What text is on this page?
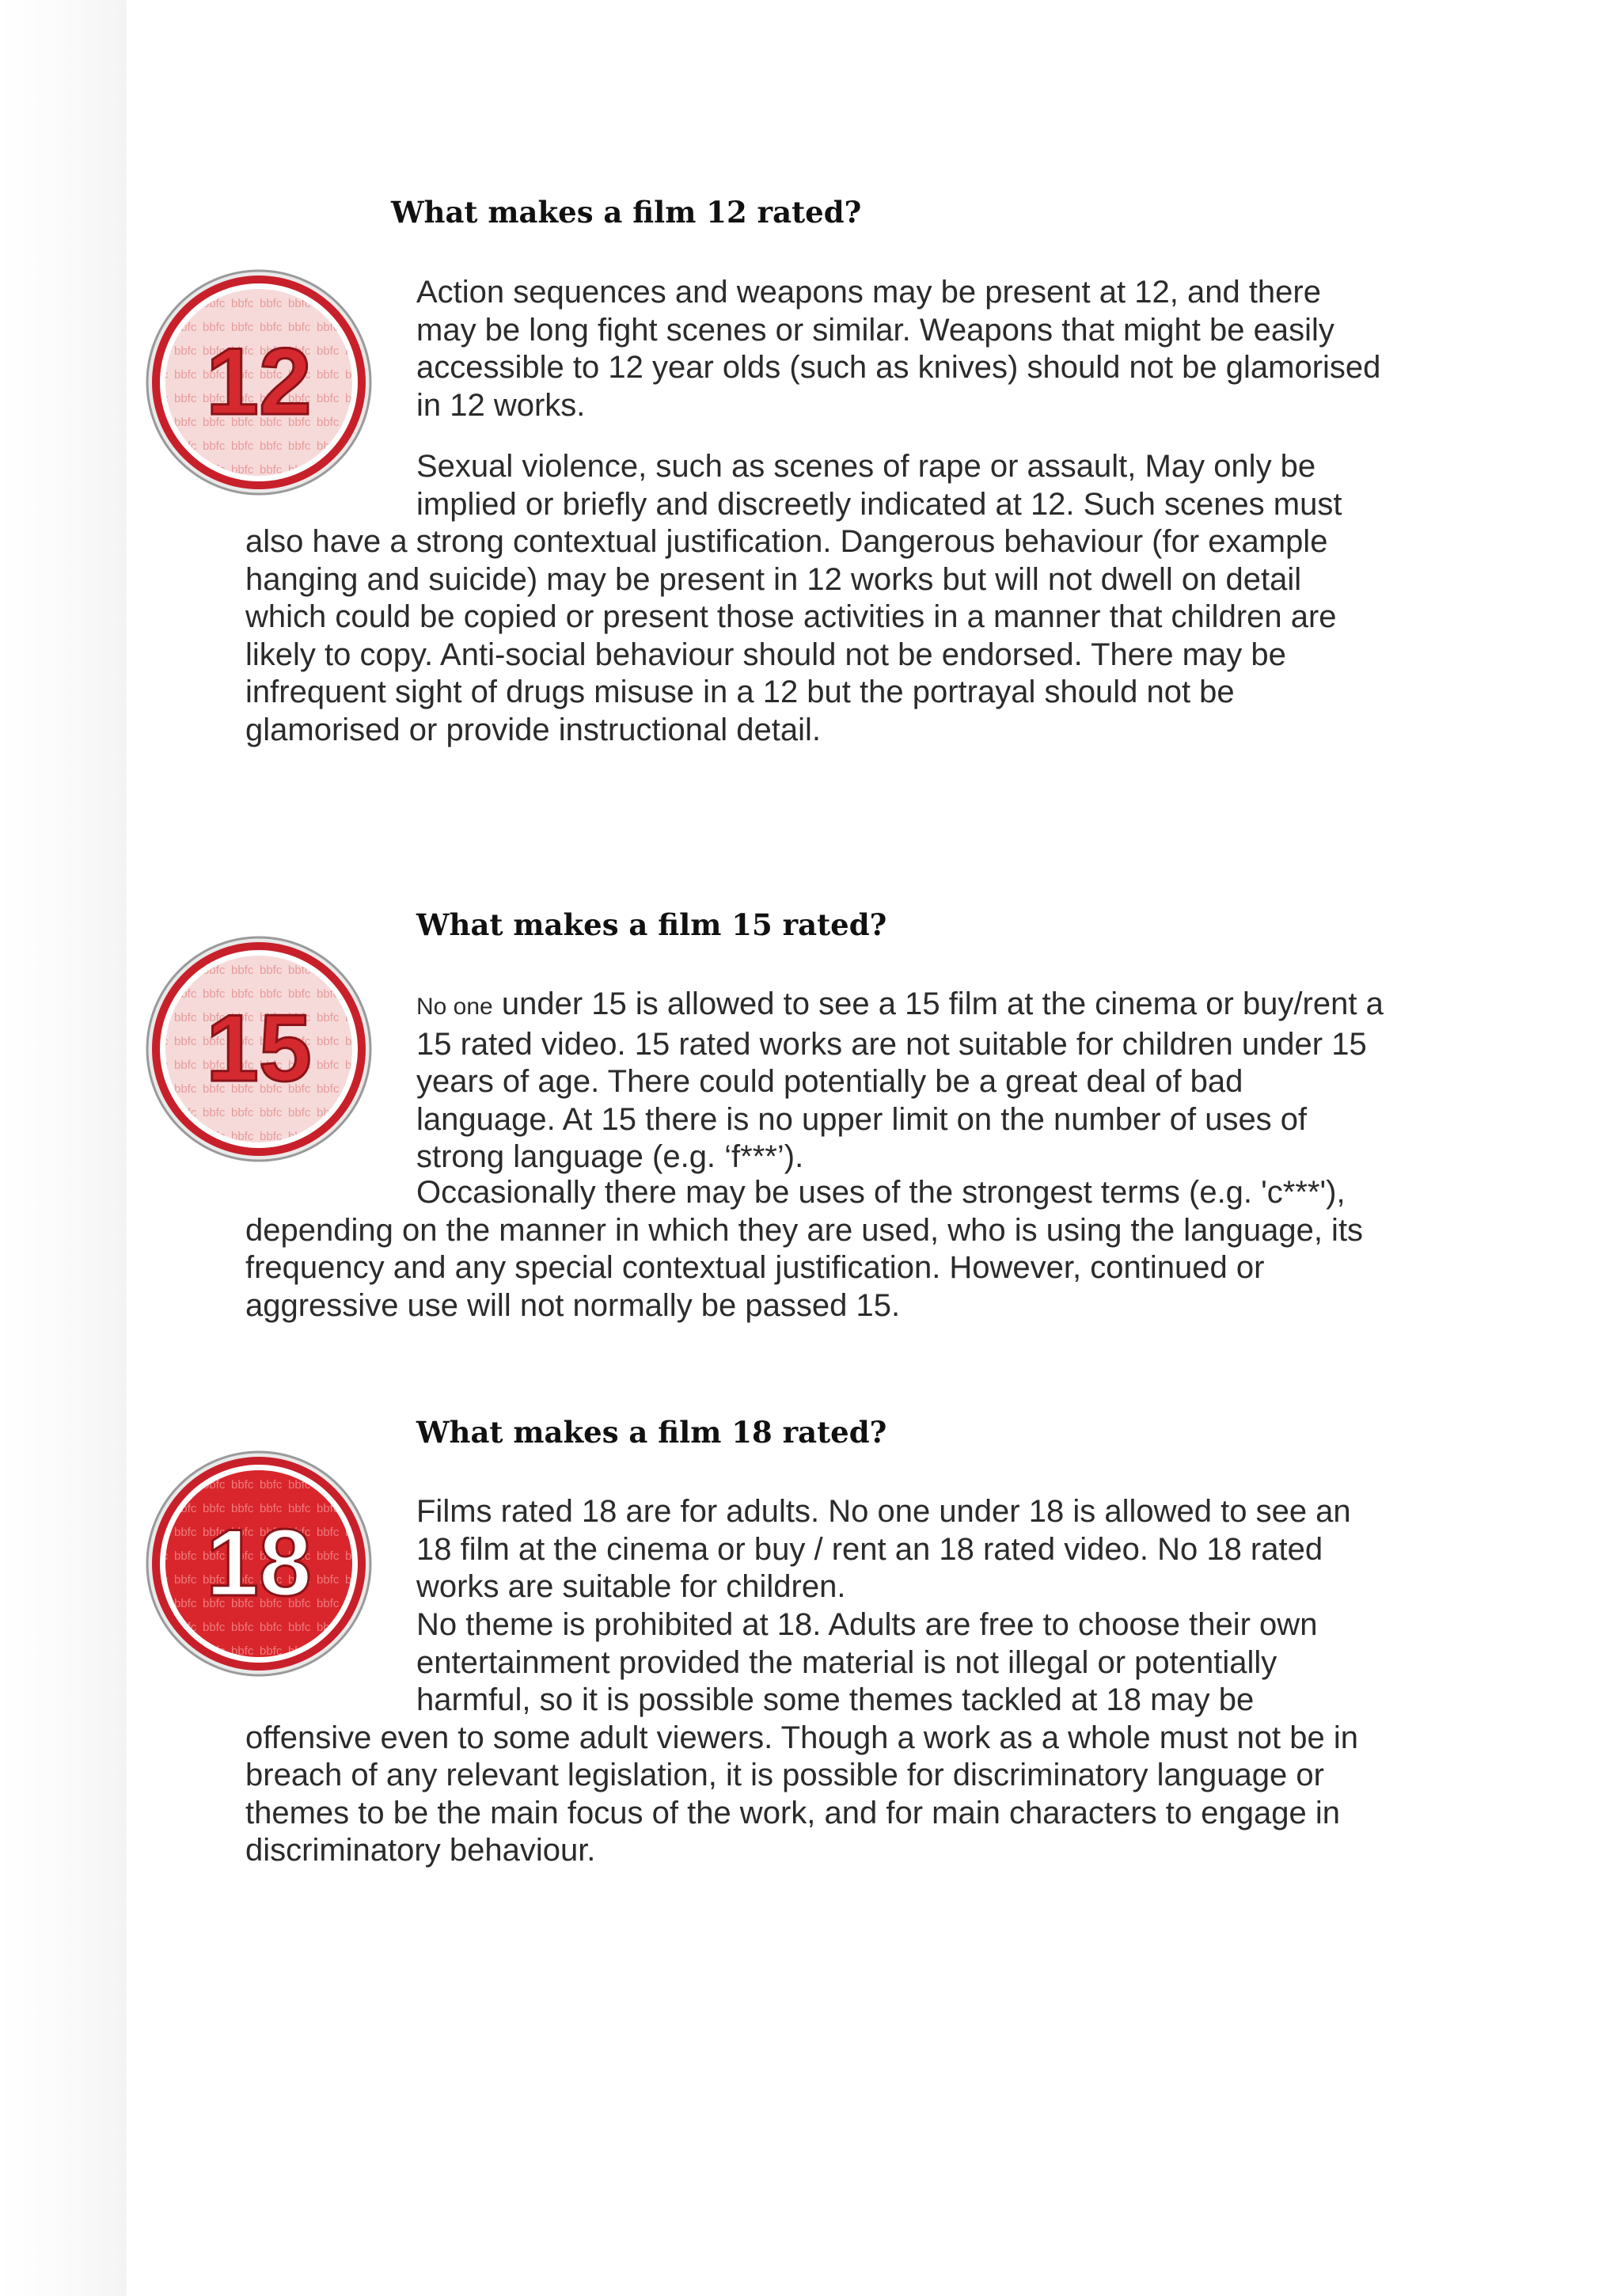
What makes a film 12 rated?
12

Action sequences and weapons may be present at 12, and there may be long fight scenes or similar. Weapons that might be easily accessible to 12 year olds (such as knives) should not be glamorised in 12 works.

Sexual violence, such as scenes of rape or assault, May only be implied or briefly and discreetly indicated at 12. Such scenes must also have a strong contextual justification. Dangerous behaviour (for example hanging and suicide) may be present in 12 works but will not dwell on detail which could be copied or present those activities in a manner that children are likely to copy. Anti-social behaviour should not be endorsed. There may be infrequent sight of drugs misuse in a 12 but the portrayal should not be glamorised or provide instructional detail.

What makes a film 15 rated?
15	No one under 15 is allowed to see a 15 film at the cinema or buy/rent a 15 rated video. 15 rated works are not suitable for children under 15 years of age. There could potentially be a great deal of bad language. At 15 there is no upper limit on the number of uses of strong language (e.g. ‘f***’).

Occasionally there may be uses of the strongest terms (e.g. 'c***'), depending on the manner in which they are used, who is using the language, its frequency and any special contextual justification. However, continued or aggressive use will not normally be passed 15.

What makes a film 18 rated?
18	Films rated 18 are for adults. No one under 18 is allowed to see an 18 film at the cinema or buy / rent an 18 rated video. No 18 rated works are suitable for children.

No theme is prohibited at 18. Adults are free to choose their own entertainment provided the material is not illegal or potentially harmful, so it is possible some themes tackled at 18 may be offensive even to some adult viewers. Though a work as a whole must not be in breach of any relevant legislation, it is possible for discriminatory language or themes to be the main focus of the work, and for main characters to engage in discriminatory behaviour.
